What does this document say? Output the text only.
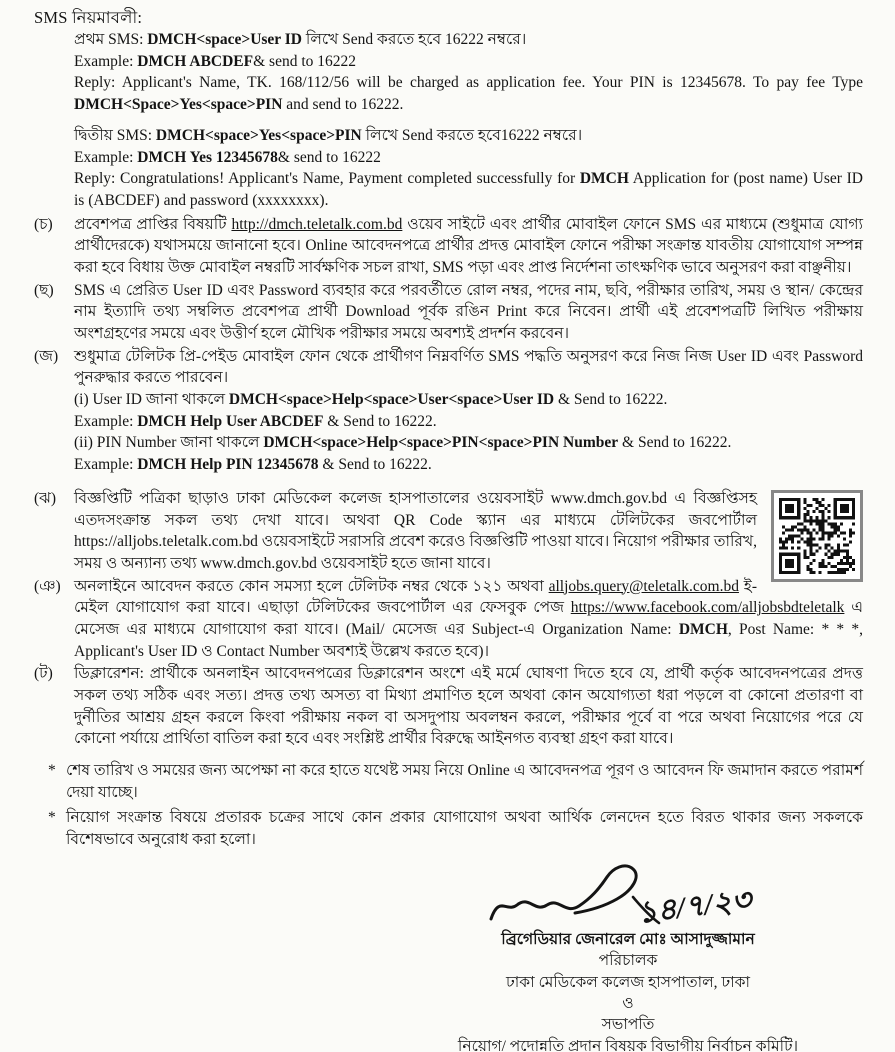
SMS নিয়মাবলী:
প্রথম SMS: DMCH<space>User ID লিখে Send করতে হবে 16222 নম্বরে।
Example: DMCH ABCDEF& send to 16222
Reply: Applicant's Name, TK. 168/112/56 will be charged as application fee. Your PIN is 12345678. To pay fee Type DMCH<Space>Yes<space>PIN and send to 16222.
দ্বিতীয় SMS: DMCH<space>Yes<space>PIN লিখে Send করতে হবে16222 নম্বরে।
Example: DMCH Yes 12345678& send to 16222
Reply: Congratulations! Applicant's Name, Payment completed successfully for DMCH Application for (post name) User ID is (ABCDEF) and password (xxxxxxxx).
(চ) প্রবেশপত্র প্রাপ্তির বিষয়টি http://dmch.teletalk.com.bd ওয়েব সাইটে এবং প্রার্থীর মোবাইল ফোনে SMS এর মাধ্যমে (শুধুমাত্র যোগ্য প্রার্থীদেরকে) যথাসময়ে জানানো হবে। Online আবেদনপত্রে প্রার্থীর প্রদত্ত মোবাইল ফোনে পরীক্ষা সংক্রান্ত যাবতীয় যোগাযোগ সম্পন্ন করা হবে বিধায় উক্ত মোবাইল নম্বরটি সার্বক্ষণিক সচল রাখা, SMS পড়া এবং প্রাপ্ত নির্দেশনা তাৎক্ষণিক ভাবে অনুসরণ করা বাঞ্ছনীয়।
(ছ) SMS এ প্রেরিত User ID এবং Password ব্যবহার করে পরবর্তীতে রোল নম্বর, পদের নাম, ছবি, পরীক্ষার তারিখ, সময় ও স্থান/ কেন্দ্রের নাম ইত্যাদি তথ্য সম্বলিত প্রবেশপত্র প্রার্থী Download পূর্বক রঙিন Print করে নিবেন। প্রার্থী এই প্রবেশপত্রটি লিখিত পরীক্ষায় অংশগ্রহণের সময়ে এবং উত্তীর্ণ হলে মৌখিক পরীক্ষার সময়ে অবশ্যই প্রদর্শন করবেন।
(জ) শুধুমাত্র টেলিটক প্রি-পেইড মোবাইল ফোন থেকে প্রার্থীগণ নিম্নবর্ণিত SMS পদ্ধতি অনুসরণ করে নিজ নিজ User ID এবং Password পুনরুদ্ধার করতে পারবেন।
(i) User ID জানা থাকলে DMCH<space>Help<space>User<space>User ID & Send to 16222.
Example: DMCH Help User ABCDEF & Send to 16222.
(ii) PIN Number জানা থাকলে DMCH<space>Help<space>PIN<space>PIN Number & Send to 16222.
Example: DMCH Help PIN 12345678 & Send to 16222.
(ঝ) বিজ্ঞপ্তিটি পত্রিকা ছাড়াও ঢাকা মেডিকেল কলেজ হাসপাতালের ওয়েবসাইট www.dmch.gov.bd এ বিজ্ঞপ্তিসহ এতদসংক্রান্ত সকল তথ্য দেখা যাবে। অথবা QR Code স্ক্যান এর মাধ্যমে টেলিটকের জবপোর্টাল https://alljobs.teletalk.com.bd ওয়েবসাইটে সরাসরি প্রবেশ করেও বিজ্ঞপ্তিটি পাওয়া যাবে। নিয়োগ পরীক্ষার তারিখ, সময় ও অন্যান্য তথ্য www.dmch.gov.bd ওয়েবসাইট হতে জানা যাবে।
(ঞ) অনলাইনে আবেদন করতে কোন সমস্যা হলে টেলিটক নম্বর থেকে ১২১ অথবা alljobs.query@teletalk.com.bd ই-মেইল যোগাযোগ করা যাবে। এছাড়া টেলিটকের জবপোর্টাল এর ফেসবুক পেজ https://www.facebook.com/alljobsbdteletalk এ মেসেজ এর মাধ্যমে যোগাযোগ করা যাবে। (Mail/ মেসেজ এর Subject-এ Organization Name: DMCH, Post Name: * * *, Applicant's User ID ও Contact Number অবশ্যই উল্লেখ করতে হবে)।
(ট) ডিক্লারেশন: প্রার্থীকে অনলাইন আবেদনপত্রের ডিক্লারেশন অংশে এই মর্মে ঘোষণা দিতে হবে যে, প্রার্থী কর্তৃক আবেদনপত্রের প্রদত্ত সকল তথ্য সঠিক এবং সত্য। প্রদত্ত তথ্য অসত্য বা মিথ্যা প্রমাণিত হলে অথবা কোন অযোগ্যতা ধরা পড়লে বা কোনো প্রতারণা বা দুর্নীতির আশ্রয় গ্রহন করলে কিংবা পরীক্ষায় নকল বা অসদুপায় অবলম্বন করলে, পরীক্ষার পূর্বে বা পরে অথবা নিয়োগের পরে যে কোনো পর্যায়ে প্রার্থিতা বাতিল করা হবে এবং সংশ্লিষ্ট প্রার্থীর বিরুদ্ধে আইনগত ব্যবস্থা গ্রহণ করা যাবে।
* শেষ তারিখ ও সময়ের জন্য অপেক্ষা না করে হাতে যথেষ্ট সময় নিয়ে Online এ আবেদনপত্র পূরণ ও আবেদন ফি জমাদান করতে পরামর্শ দেয়া যাচ্ছে।
* নিয়োগ সংক্রান্ত বিষয়ে প্রতারক চক্রের সাথে কোন প্রকার যোগাযোগ অথবা আর্থিক লেনদেন হতে বিরত থাকার জন্য সকলকে বিশেষভাবে অনুরোধ করা হলো।
১৪/৭/২৩
ব্রিগেডিয়ার জেনারেল মোঃ আসাদুজ্জামান
পরিচালক
ঢাকা মেডিকেল কলেজ হাসপাতাল, ঢাকা
ও
সভাপতি
নিয়োগ/ পদোন্নতি প্রদান বিষয়ক বিভাগীয় নির্বাচন কমিটি।
